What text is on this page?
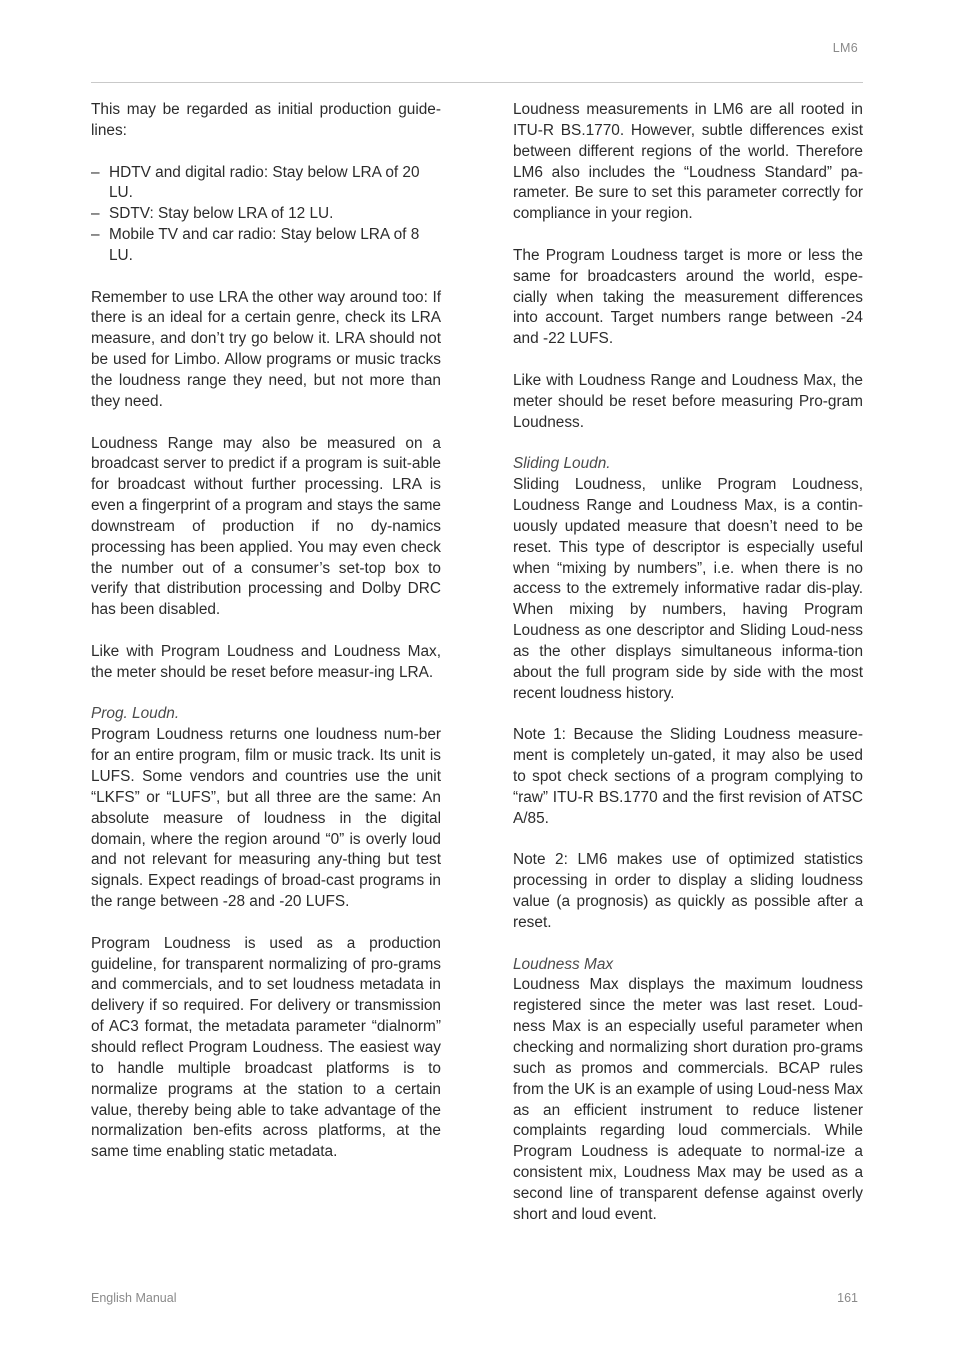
LM6

This may be regarded as initial production guide-lines:

– HDTV and digital radio: Stay below LRA of 20 LU.
– SDTV: Stay below LRA of 12 LU.
– Mobile TV and car radio: Stay below LRA of 8 LU.

Remember to use LRA the other way around too: If there is an ideal for a certain genre, check its LRA measure, and don’t try go below it. LRA should not be used for Limbo. Allow programs or music tracks the loudness range they need, but not more than they need.

Loudness Range may also be measured on a broadcast server to predict if a program is suit-able for broadcast without further processing. LRA is even a fingerprint of a program and stays the same downstream of production if no dy-namics processing has been applied. You may even check the number out of a consumer’s set-top box to verify that distribution processing and Dolby DRC has been disabled.

Like with Program Loudness and Loudness Max, the meter should be reset before measur-ing LRA.

Prog. Loudn.

Program Loudness returns one loudness num-ber for an entire program, film or music track. Its unit is LUFS. Some vendors and countries use the unit “LKFS” or “LUFS”, but all three are the same: An absolute measure of loudness in the digital domain, where the region around “0” is overly loud and not relevant for measuring any-thing but test signals. Expect readings of broad-cast programs in the range between -28 and -20 LUFS.

Program Loudness is used as a production guideline, for transparent normalizing of pro-grams and commercials, and to set loudness metadata in delivery if so required. For delivery or transmission of AC3 format, the metadata parameter “dialnorm” should reflect Program Loudness. The easiest way to handle multiple broadcast platforms is to normalize programs at the station to a certain value, thereby being able to take advantage of the normalization ben-efits across platforms, at the same time enabling static metadata.

Loudness measurements in LM6 are all rooted in ITU-R BS.1770. However, subtle differences exist between different regions of the world. Therefore LM6 also includes the “Loudness Standard” pa-rameter. Be sure to set this parameter correctly for compliance in your region.

The Program Loudness target is more or less the same for broadcasters around the world, espe-cially when taking the measurement differences into account. Target numbers range between -24 and -22 LUFS.

Like with Loudness Range and Loudness Max, the meter should be reset before measuring Pro-gram Loudness.

Sliding Loudn.

Sliding Loudness, unlike Program Loudness, Loudness Range and Loudness Max, is a contin-uously updated measure that doesn’t need to be reset. This type of descriptor is especially useful when “mixing by numbers”, i.e. when there is no access to the extremely informative radar dis-play. When mixing by numbers, having Program Loudness as one descriptor and Sliding Loud-ness as the other displays simultaneous informa-tion about the full program side by side with the most recent loudness history.

Note 1: Because the Sliding Loudness measure-ment is completely un-gated, it may also be used to spot check sections of a program complying to “raw” ITU-R BS.1770 and the first revision of ATSC A/85.

Note 2: LM6 makes use of optimized statistics processing in order to display a sliding loudness value (a prognosis) as quickly as possible after a reset.

Loudness Max

Loudness Max displays the maximum loudness registered since the meter was last reset. Loud-ness Max is an especially useful parameter when checking and normalizing short duration pro-grams such as promos and commercials. BCAP rules from the UK is an example of using Loud-ness Max as an efficient instrument to reduce listener complaints regarding loud commercials. While Program Loudness is adequate to normal-ize a consistent mix, Loudness Max may be used as a second line of transparent defense against overly short and loud event.

English Manual	161
